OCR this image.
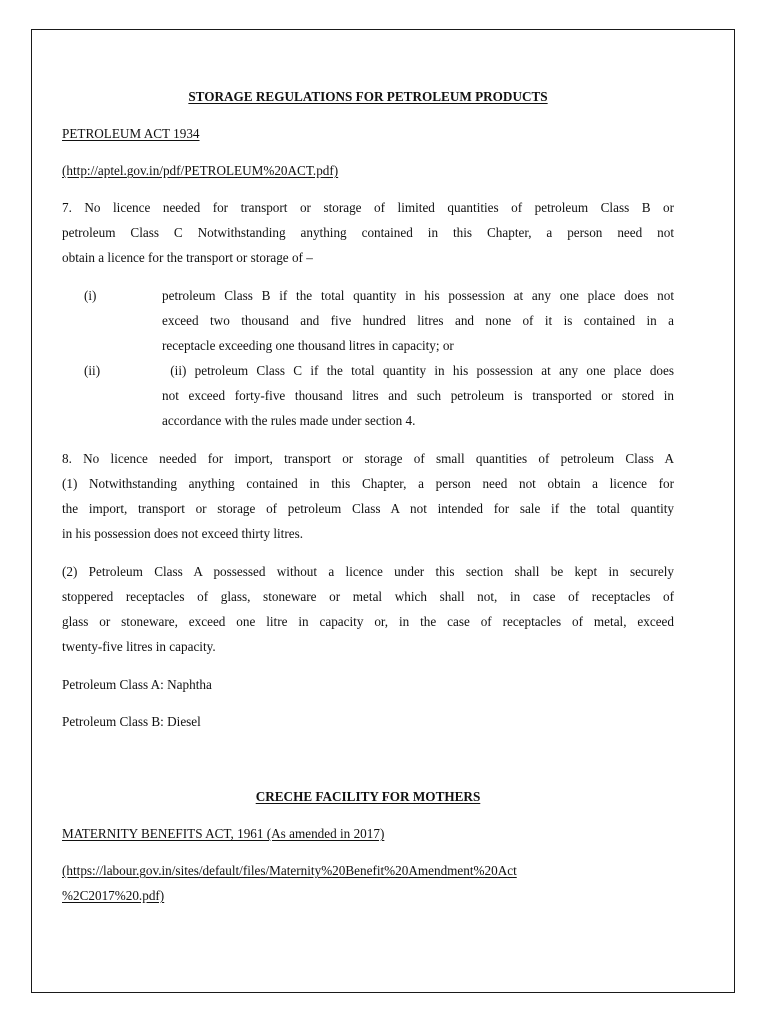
STORAGE REGULATIONS FOR PETROLEUM PRODUCTS
PETROLEUM ACT 1934
(http://aptel.gov.in/pdf/PETROLEUM%20ACT.pdf)
7. No licence needed for transport or storage of limited quantities of petroleum Class B or
petroleum Class C Notwithstanding anything contained in this Chapter, a person need not
obtain a licence for the transport or storage of –
(i)	petroleum Class B if the total quantity in his possession at any one place does not
exceed two thousand and five hundred litres and none of it is contained in a
receptacle exceeding one thousand litres in capacity; or
(ii)	(ii) petroleum Class C if the total quantity in his possession at any one place does
not exceed forty-five thousand litres and such petroleum is transported or stored in
accordance with the rules made under section 4.
8. No licence needed for import, transport or storage of small quantities of petroleum Class A
(1) Notwithstanding anything contained in this Chapter, a person need not obtain a licence for
the import, transport or storage of petroleum Class A not intended for sale if the total quantity
in his possession does not exceed thirty litres.
(2) Petroleum Class A possessed without a licence under this section shall be kept in securely
stoppered receptacles of glass, stoneware or metal which shall not, in case of receptacles of
glass or stoneware, exceed one litre in capacity or, in the case of receptacles of metal, exceed
twenty-five litres in capacity.
Petroleum Class A: Naphtha
Petroleum Class B: Diesel
CRECHE FACILITY FOR MOTHERS
MATERNITY BENEFITS ACT, 1961 (As amended in 2017)
(https://labour.gov.in/sites/default/files/Maternity%20Benefit%20Amendment%20Act
%2C2017%20.pdf)
